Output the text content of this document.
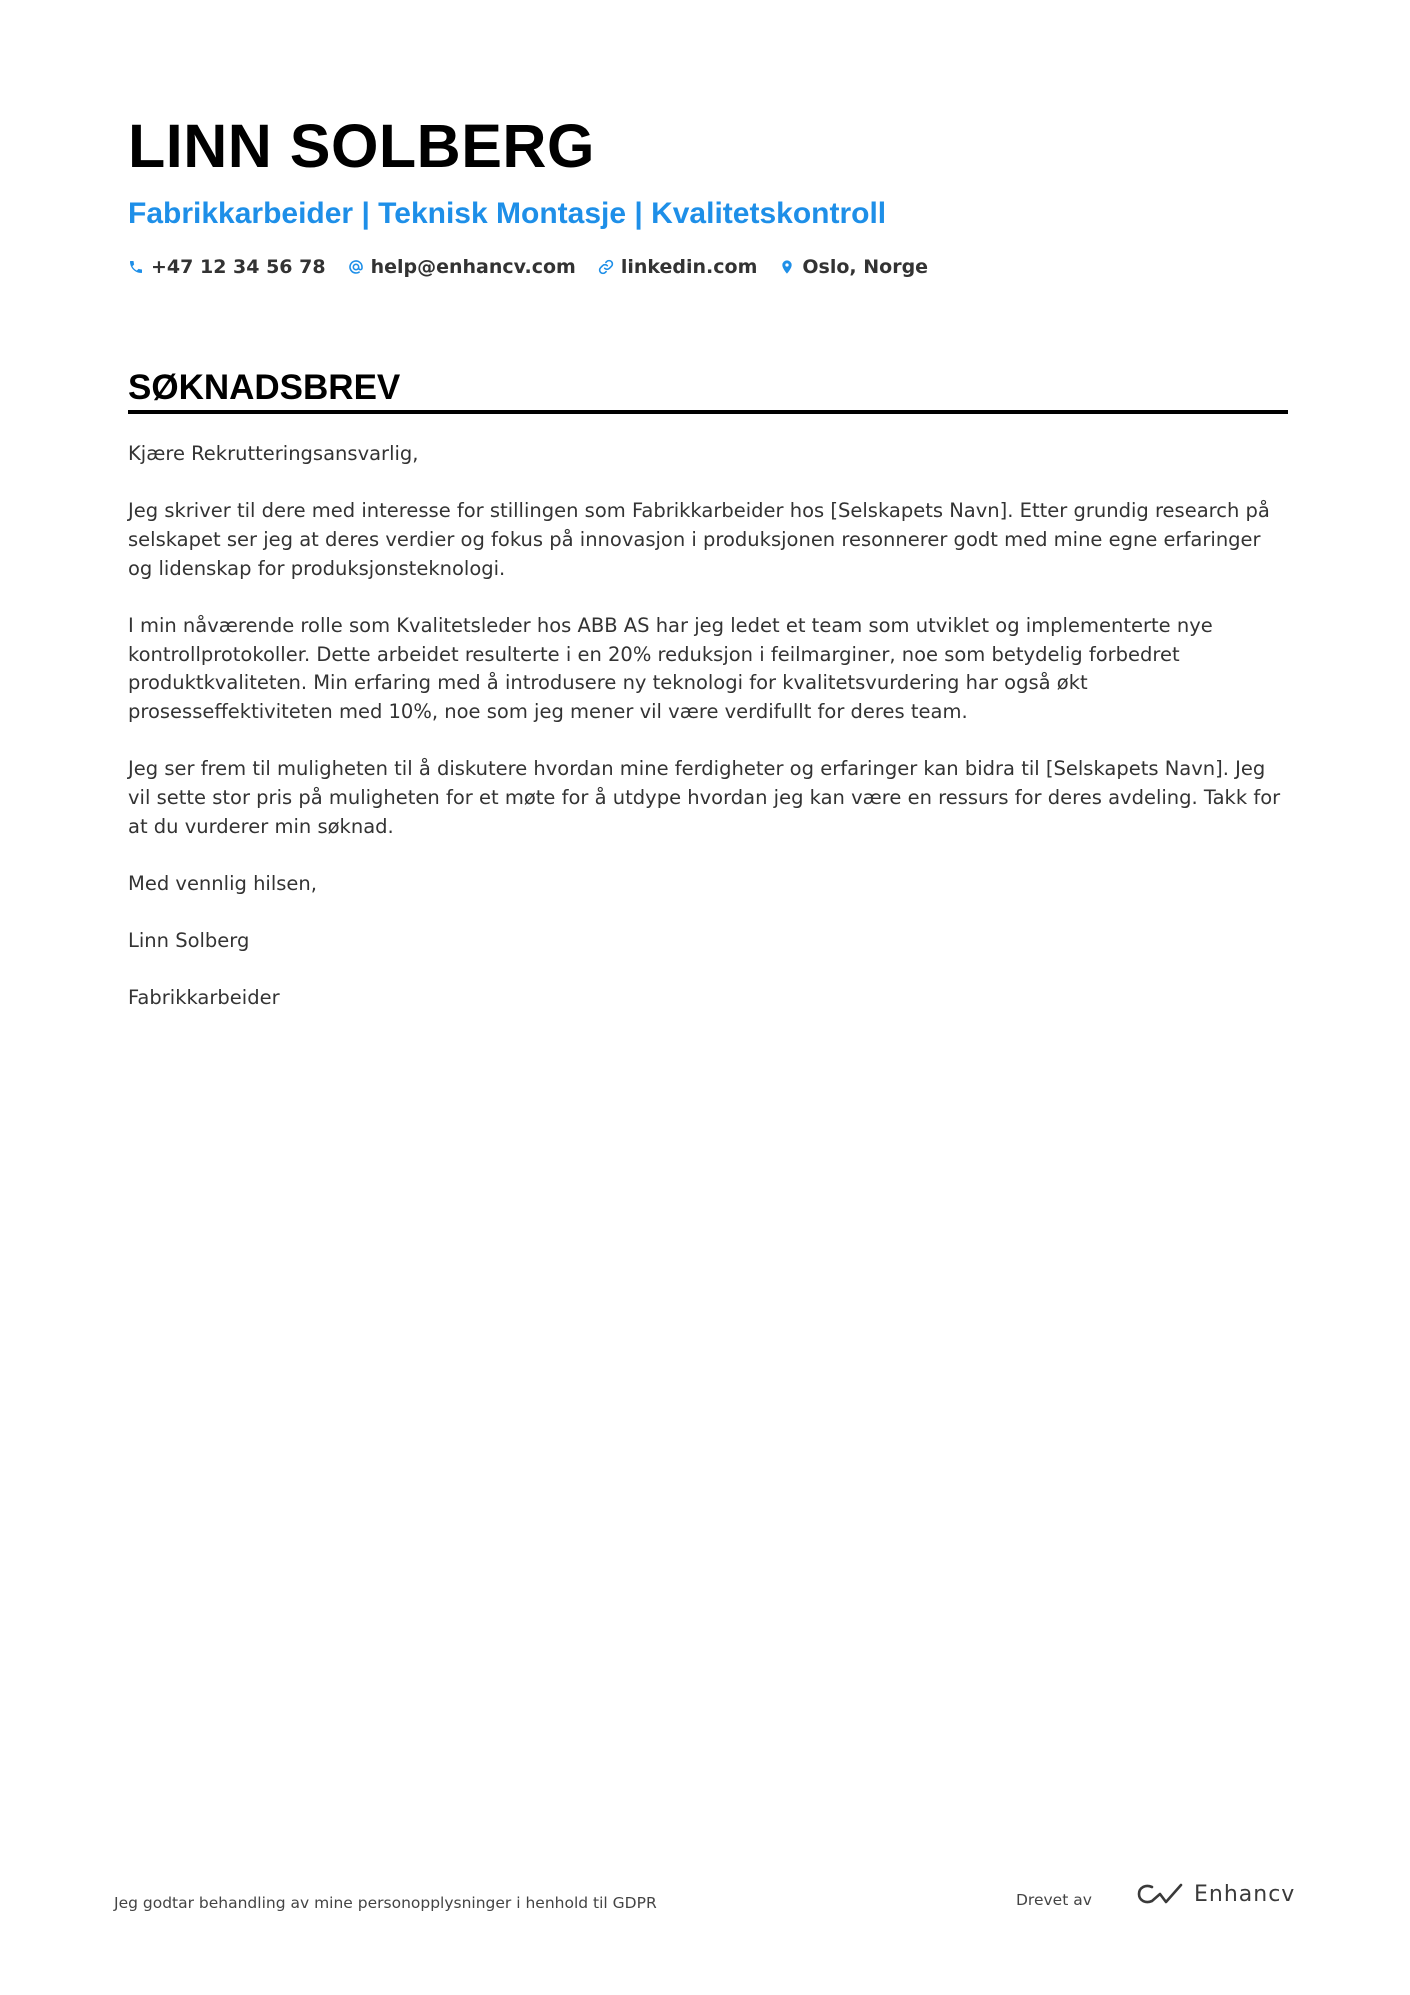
LINN SOLBERG
Fabrikkarbeider | Teknisk Montasje | Kvalitetskontroll
+47 12 34 56 78 help@enhancv.com linkedin.com Oslo, Norge
SØKNADSBREV

Kjære Rekrutteringsansvarlig,

Jeg skriver til dere med interesse for stillingen som Fabrikkarbeider hos [Selskapets Navn]. Etter grundig research på selskapet ser jeg at deres verdier og fokus på innovasjon i produksjonen resonnerer godt med mine egne erfaringer og lidenskap for produksjonsteknologi.

I min nåværende rolle som Kvalitetsleder hos ABB AS har jeg ledet et team som utviklet og implementerte nye kontrollprotokoller. Dette arbeidet resulterte i en 20% reduksjon i feilmarginer, noe som betydelig forbedret produktkvaliteten. Min erfaring med å introdusere ny teknologi for kvalitetsvurdering har også økt prosesseffektiviteten med 10%, noe som jeg mener vil være verdifullt for deres team.

Jeg ser frem til muligheten til å diskutere hvordan mine ferdigheter og erfaringer kan bidra til [Selskapets Navn]. Jeg vil sette stor pris på muligheten for et møte for å utdype hvordan jeg kan være en ressurs for deres avdeling. Takk for at du vurderer min søknad.

Med vennlig hilsen,

Linn Solberg

Fabrikkarbeider

Jeg godtar behandling av mine personopplysninger i henhold til GDPR	Drevet av	Enhancv
